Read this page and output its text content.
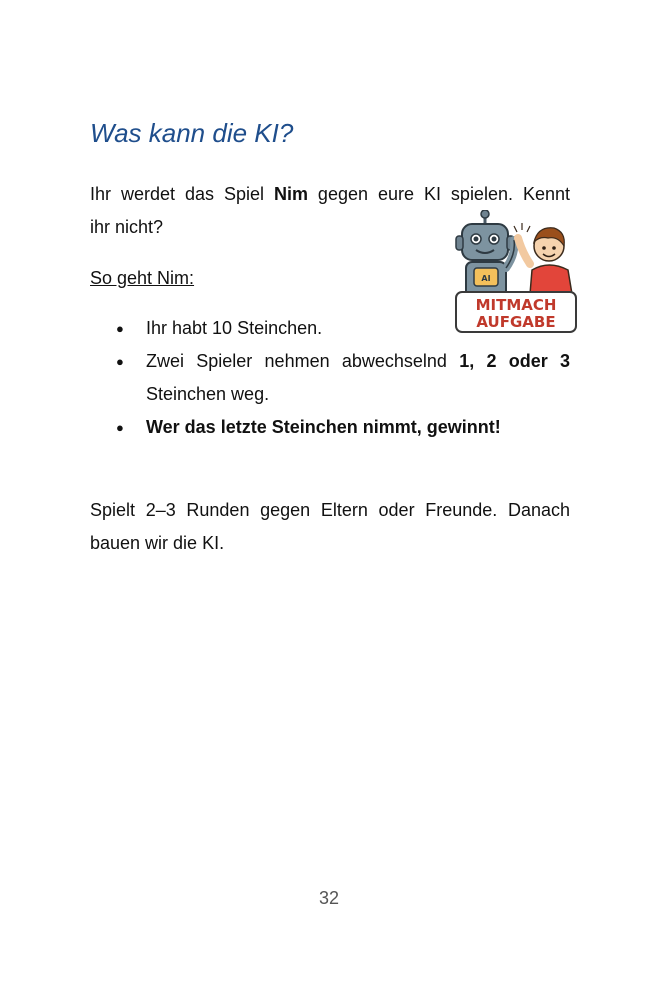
Was kann die KI?

Ihr werdet das Spiel Nim gegen eure KI spielen. Kennt
ihr nicht?

AI
MITMACH
AUFGABE

So geht Nim:

● Ihr habt 10 Steinchen.
● Zwei Spieler nehmen abwechselnd 1, 2 oder 3
Steinchen weg.
● Wer das letzte Steinchen nimmt, gewinnt!

Spielt 2–3 Runden gegen Eltern oder Freunde. Danach
bauen wir die KI.

32
